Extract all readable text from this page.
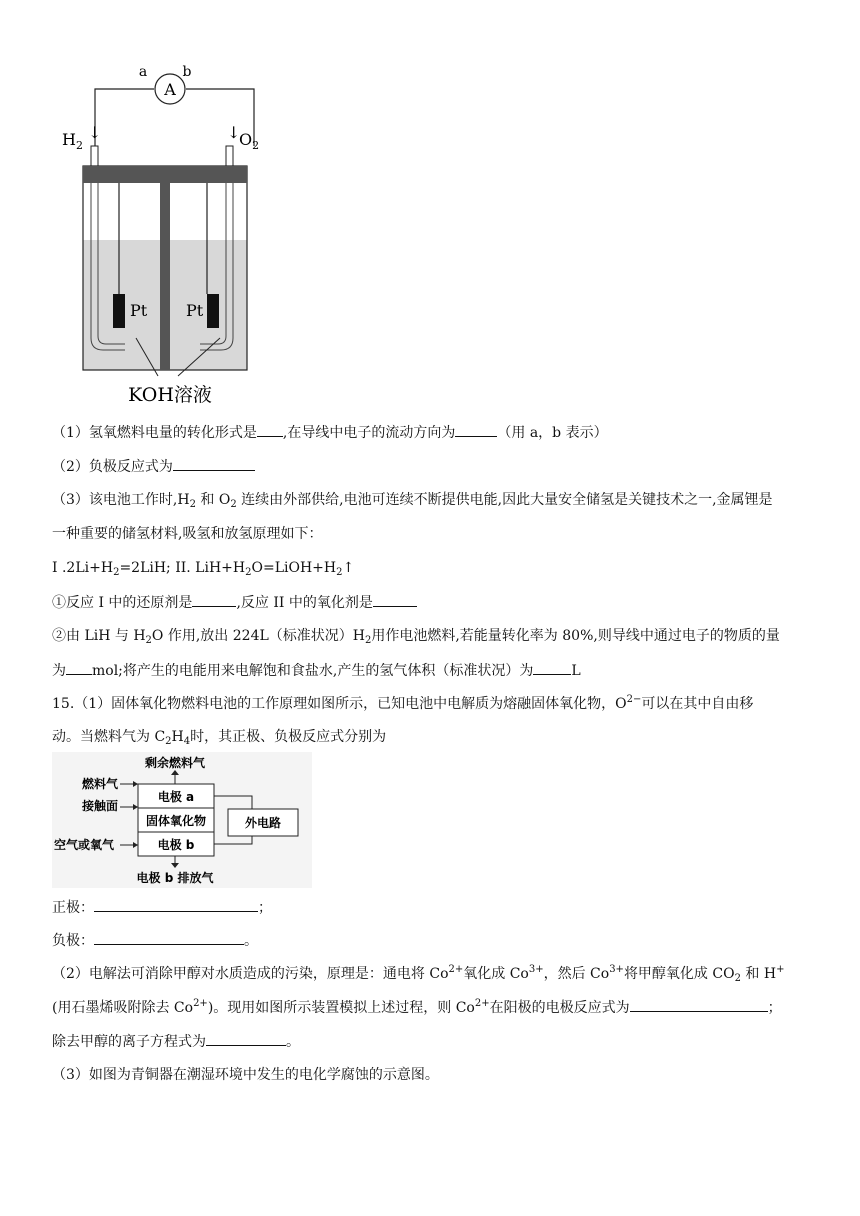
A
a	b
$H_2$
↓	↓
$O_2$
Pt Pt
KOH溶液
（1）氢氧燃料电量的转化形式是 ,在导线中电子的流动方向为	（用 a，b 表示）
（2）负极反应式为
（3）该电池工作时$,H_2$ 和 $O_2$ 连续由外部供给,电池可连续不断提供电能,因此大量安全储氢是关键技术之一,金属锂是
一种重要的储氢材料,吸氢和放氢原理如下：
I $.2Li+H_2=2LiH$; II. $LiH+H_2O=LiOH+H_2↑$
①反应 I 中的还原剂是	,反应 II 中的氧化剂是
②由 LiH 与 $H_2O$ 作用,放出 224L（标准状况）$H_2$用作电池燃料,若能量转化率为 80%,则导线中通过电子的物质的量
为 mol;将产生的电能用来电解饱和食盐水,产生的氢气体积（标准状况）为	L
15.（1）固体氧化物燃料电池的工作原理如图所示，已知电池中电解质为熔融固体氧化物，$O^{2-}$可以在其中自由移
动。当燃料气为 $C_2H_4$时，其正极、负极反应式分别为
剩余燃料气
电极 a
固体氧化物
电极 b
燃料气
接触面
空气或氧气
电极 b 排放气
外电路
正极：	；
负极：	。
（2）电解法可消除甲醇对水质造成的污染，原理是：通电将 $Co^{2+}$氧化成 $Co^{3+}$，然后 $Co^{3+}$将甲醇氧化成 $CO_2$ 和 H+
(用石墨烯吸附除去 $Co^{2+}$)。现用如图所示装置模拟上述过程，则 $Co^{2+}$在阳极的电极反应式为	；
除去甲醇的离子方程式为	。
（3）如图为青铜器在潮湿环境中发生的电化学腐蚀的示意图。
